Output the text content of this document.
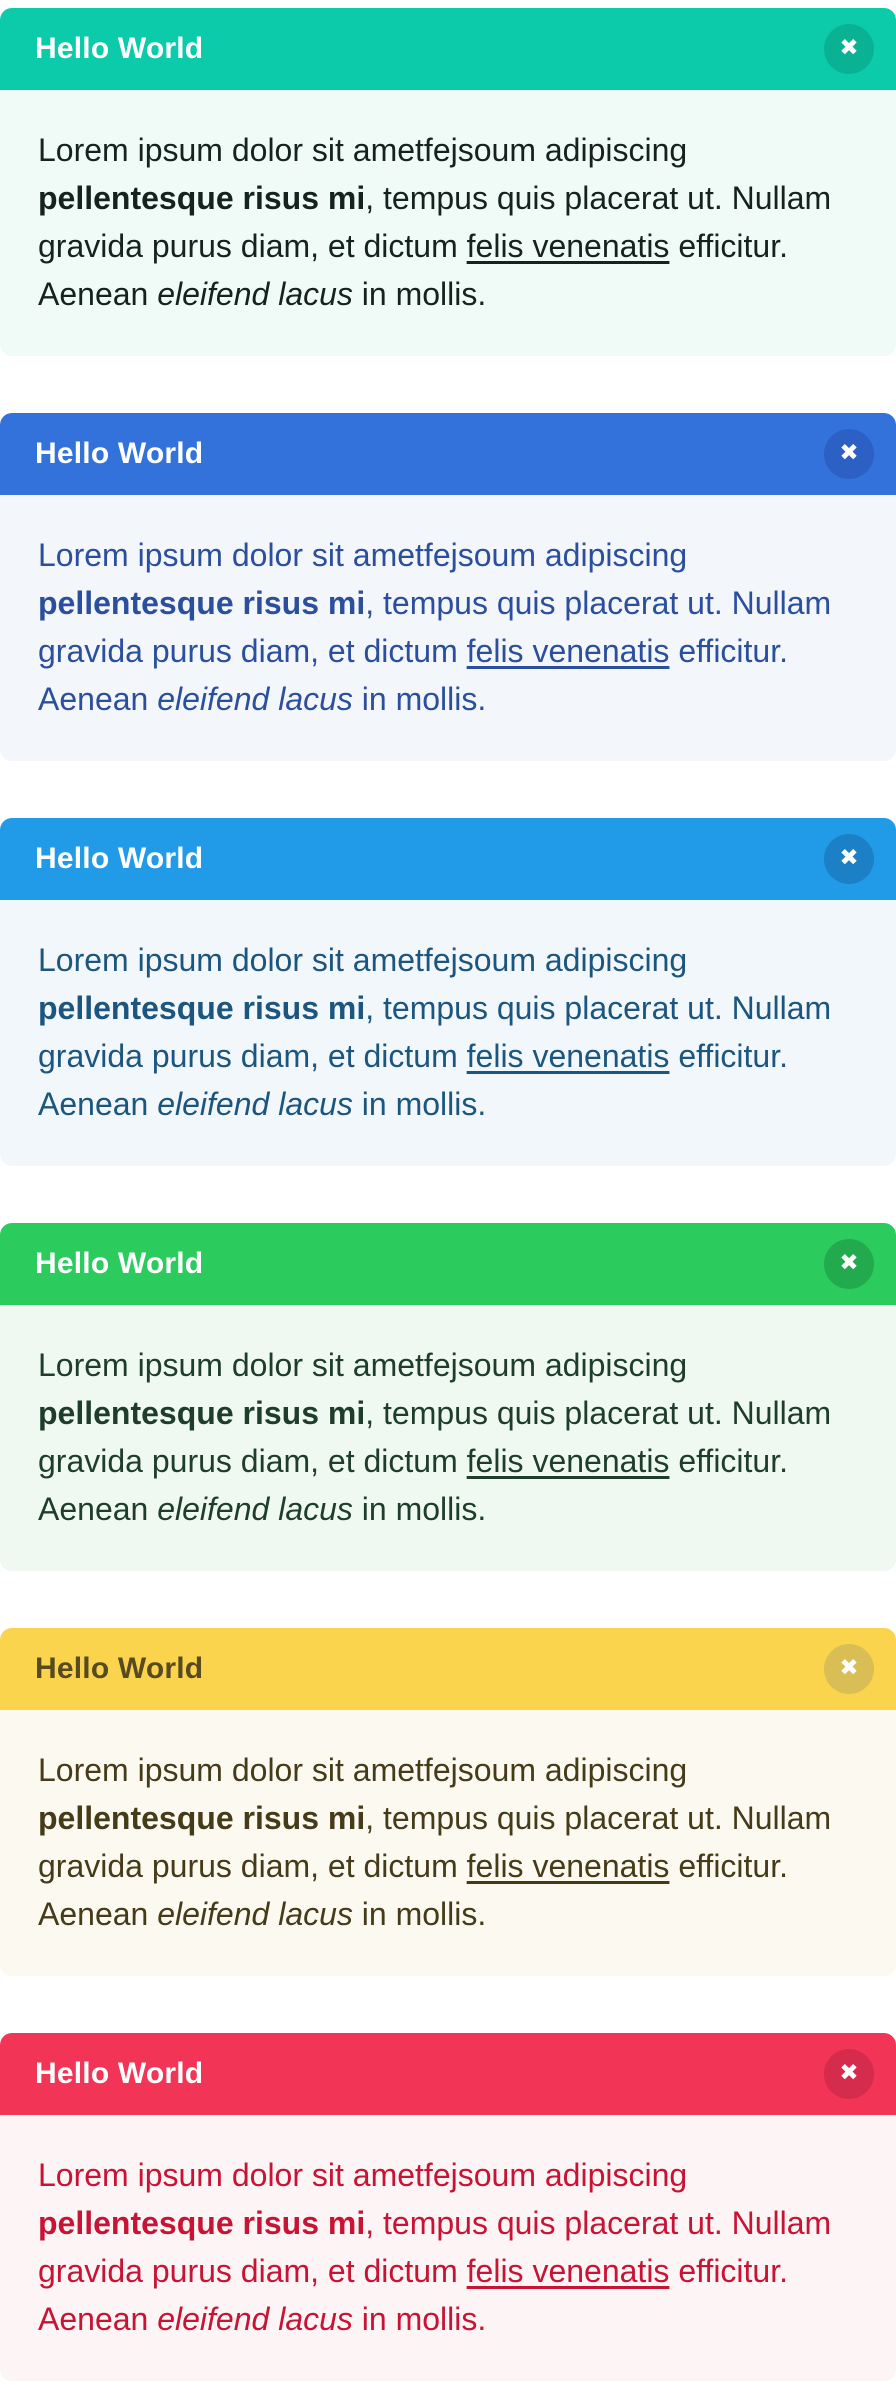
Hello World	✖
Lorem ipsum dolor sit ametfejsoum adipiscing pellentesque risus mi, tempus quis placerat ut. Nullam gravida purus diam, et dictum felis venenatis efficitur. Aenean eleifend lacus in mollis.
Hello World	✖
Lorem ipsum dolor sit ametfejsoum adipiscing pellentesque risus mi, tempus quis placerat ut. Nullam gravida purus diam, et dictum felis venenatis efficitur. Aenean eleifend lacus in mollis.
Hello World	✖
Lorem ipsum dolor sit ametfejsoum adipiscing pellentesque risus mi, tempus quis placerat ut. Nullam gravida purus diam, et dictum felis venenatis efficitur. Aenean eleifend lacus in mollis.
Hello World	✖
Lorem ipsum dolor sit ametfejsoum adipiscing pellentesque risus mi, tempus quis placerat ut. Nullam gravida purus diam, et dictum felis venenatis efficitur. Aenean eleifend lacus in mollis.
Hello World	✖
Lorem ipsum dolor sit ametfejsoum adipiscing pellentesque risus mi, tempus quis placerat ut. Nullam gravida purus diam, et dictum felis venenatis efficitur. Aenean eleifend lacus in mollis.
Hello World	✖
Lorem ipsum dolor sit ametfejsoum adipiscing pellentesque risus mi, tempus quis placerat ut. Nullam gravida purus diam, et dictum felis venenatis efficitur. Aenean eleifend lacus in mollis.
